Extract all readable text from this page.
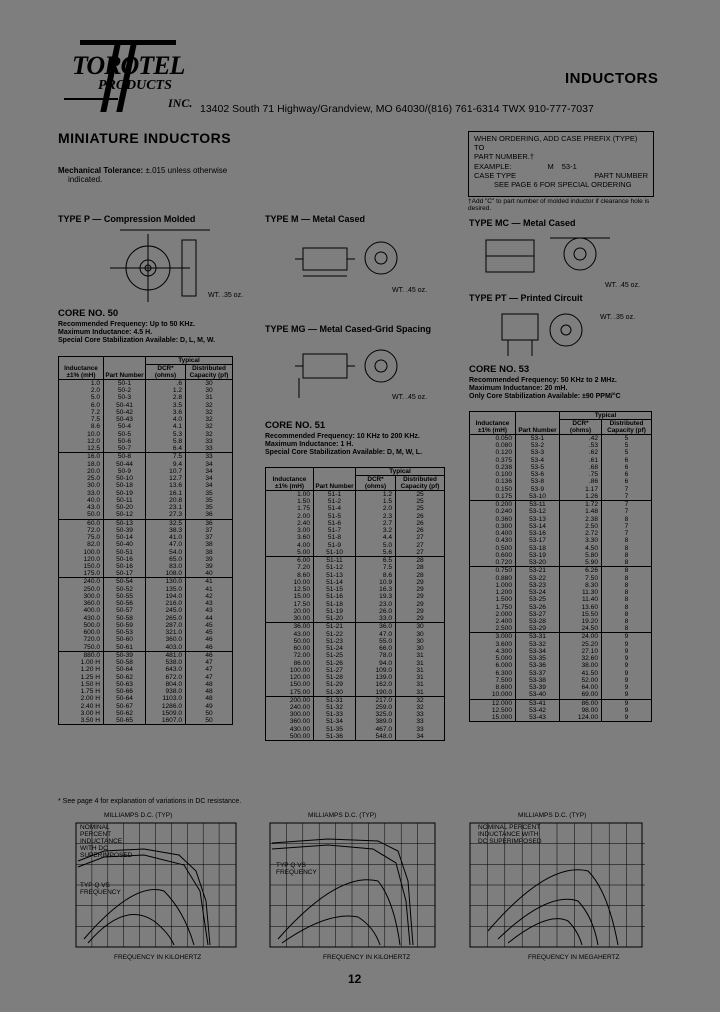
TOROTEL
PRODUCTS
INC. 13402 South 71 Highway/Grandview, MO 64030/(816) 761-6314 TWX 910-777-7037
INDUCTORS
MINIATURE INDUCTORS
Mechanical Tolerance: ±.015 unless otherwise
indicated.
WHEN ORDERING, ADD CASE PREFIX (TYPE) TO
PART NUMBER.†
EXAMPLE:	M 53-1
CASE TYPE	PART NUMBER
SEE PAGE 6 FOR SPECIAL ORDERING
†Add "C" to part number of molded inductor if clearance hole is desired.
TYPE P — Compression Molded
WT. .35 oz.
TYPE M — Metal Cased
WT. .45 oz.
TYPE MC — Metal Cased
WT. .45 oz.
TYPE PT — Printed Circuit
WT. .35 oz.
TYPE MG — Metal Cased-Grid Spacing
WT. .45 oz.
CORE NO. 50
Recommended Frequency: Up to 50 KHz.
Maximum Inductance: 4.5 H.
Special Core Stabilization Available: D, L, M, W.
Inductance ±1% (mH)	Part Number	Typical	
		DCR* (ohms)	Distributed Capacity (pf)
1.0	50-1	.6	30
2.0	50-2	1.2	30
5.0	50-3	2.8	31
6.0	50-41	3.5	32
7.2	50-42	3.6	32
7.5	50-43	4.0	32
8.6	50-4	4.1	32
10.0	50-5	5.3	32
12.0	50-6	5.8	33
12.5	50-7	6.4	33
16.0	50-8	7.5	33
18.0	50-44	9.4	34
20.0	50-9	10.7	34
25.0	50-10	12.7	34
30.0	50-18	13.6	34
33.0	50-19	16.1	35
40.0	50-11	20.8	35
43.0	50-20	23.1	35
50.0	50-12	27.3	36
60.0	50-13	32.5	36
72.0	50-39	38.3	37
75.0	50-14	41.0	37
82.0	50-40	47.0	38
100.0	50-51	54.0	38
120.0	50-16	65.0	39
150.0	50-16	83.0	39
175.0	50-17	108.0	40
240.0	50-54	130.0	41
250.0	50-52	135.0	41
300.0	50-55	194.0	42
360.0	50-56	216.0	43
400.0	50-57	245.0	43
430.0	50-58	265.0	44
500.0	50-59	287.0	45
600.0	50-53	321.0	45
720.0	50-60	360.0	46
750.0	50-61	403.0	46
880.0	50-39	481.0	46
1.00 H	50-58	538.0	47
1.20 H	50-64	643.0	47
1.25 H	50-62	672.0	47
1.50 H	50-63	804.0	48
1.75 H	50-66	938.0	48
2.00 H	50-64	1103.0	48
2.40 H	50-67	1286.0	49
3.00 H	50-62	1509.0	50
3.50 H	50-65	1607.0	50
CORE NO. 51
Recommended Frequency: 10 KHz to 200 KHz.
Maximum Inductance: 1 H.
Special Core Stabilization Available: D, M, W, L.
Inductance ±1% (mH)	Part Number	Typical	
		DCR* (ohms)	Distributed Capacity (pf)
1.00	51-1	1.2	25
1.50	51-2	1.5	25
1.75	51-4	2.0	25
2.00	51-5	2.3	26
2.40	51-6	2.7	26
3.00	51-7	3.2	26
3.60	51-8	4.4	27
4.00	51-9	5.0	27
5.00	51-10	5.6	27
6.00	51-11	6.5	28
7.20	51-12	7.5	28
8.60	51-13	8.6	28
10.00	51-14	10.9	29
12.50	51-15	16.3	29
15.00	51-16	19.3	29
17.50	51-18	23.0	29
20.00	51-19	26.0	29
30.00	51-20	33.0	29
36.00	51-21	36.0	30
43.00	51-22	47.0	30
50.00	51-23	55.0	30
60.00	51-24	66.0	30
72.00	51-25	78.0	31
86.00	51-26	94.0	31
100.00	51-27	109.0	31
120.00	51-28	139.0	31
150.00	51-29	162.0	31
175.00	51-30	190.0	31
200.00	51-31	217.0	32
240.00	51-32	259.0	32
300.00	51-33	325.0	33
360.00	51-34	389.0	33
430.00	51-35	467.0	33
500.00	51-36	548.0	34
CORE NO. 53
Recommended Frequency: 50 KHz to 2 MHz.
Maximum Inductance: 20 mH.
Only Core Stabilization Available: ±90 PPM/°C
Inductance ±1% (mH)	Part Number	Typical	
		DCR* (ohms)	Distributed Capacity (pf)
0.050	53-1	.42	5
0.080	53-2	.53	5
0.120	53-3	.62	5
0.375	53-4	.61	6
0.238	53-5	.68	6
0.100	53-6	.75	6
0.136	53-8	.86	6
0.150	53-9	1.17	7
0.175	53-10	1.26	7
0.200	53-11	1.72	7
0.240	53-12	1.48	7
0.360	53-13	2.38	8
0.300	53-14	2.50	7
0.400	53-16	2.72	7
0.430	53-17	3.30	8
0.500	53-18	4.50	8
0.600	53-19	5.80	8
0.720	53-20	5.90	8
0.750	53-21	6.26	8
0.880	53-22	7.50	8
1.000	53-23	8.30	8
1.200	53-24	11.30	8
1.500	53-25	11.40	8
1.750	53-26	13.60	8
2.000	53-27	15.50	8
2.400	53-28	19.20	8
2.500	53-29	24.50	8
3.000	53-31	24.00	9
3.600	53-32	25.20	9
4.300	53-34	27.10	9
5.000	53-35	32.60	9
6.000	53-36	38.00	9
6.300	53-37	41.50	9
7.500	53-38	52.00	9
8.600	53-39	64.00	9
10.000	53-40	69.00	9
12.000	53-41	86.00	9
12.500	53-42	98.00	9
15.000	53-43	124.00	9
* See page 4 for explanation of variations in DC resistance.
MILLIAMPS D.C. (TYP)
NOMINAL PERCENT INDUCTANCE WITH DC SUPERIMPOSED
TYP Q VS FREQUENCY
FREQUENCY IN KILOHERTZ
MILLIAMPS D.C. (TYP)
TYP Q VS FREQUENCY
FREQUENCY IN KILOHERTZ
MILLIAMPS D.C. (TYP)
NOMINAL PERCENT INDUCTANCE WITH DC SUPERIMPOSED
FREQUENCY IN MEGAHERTZ
12
